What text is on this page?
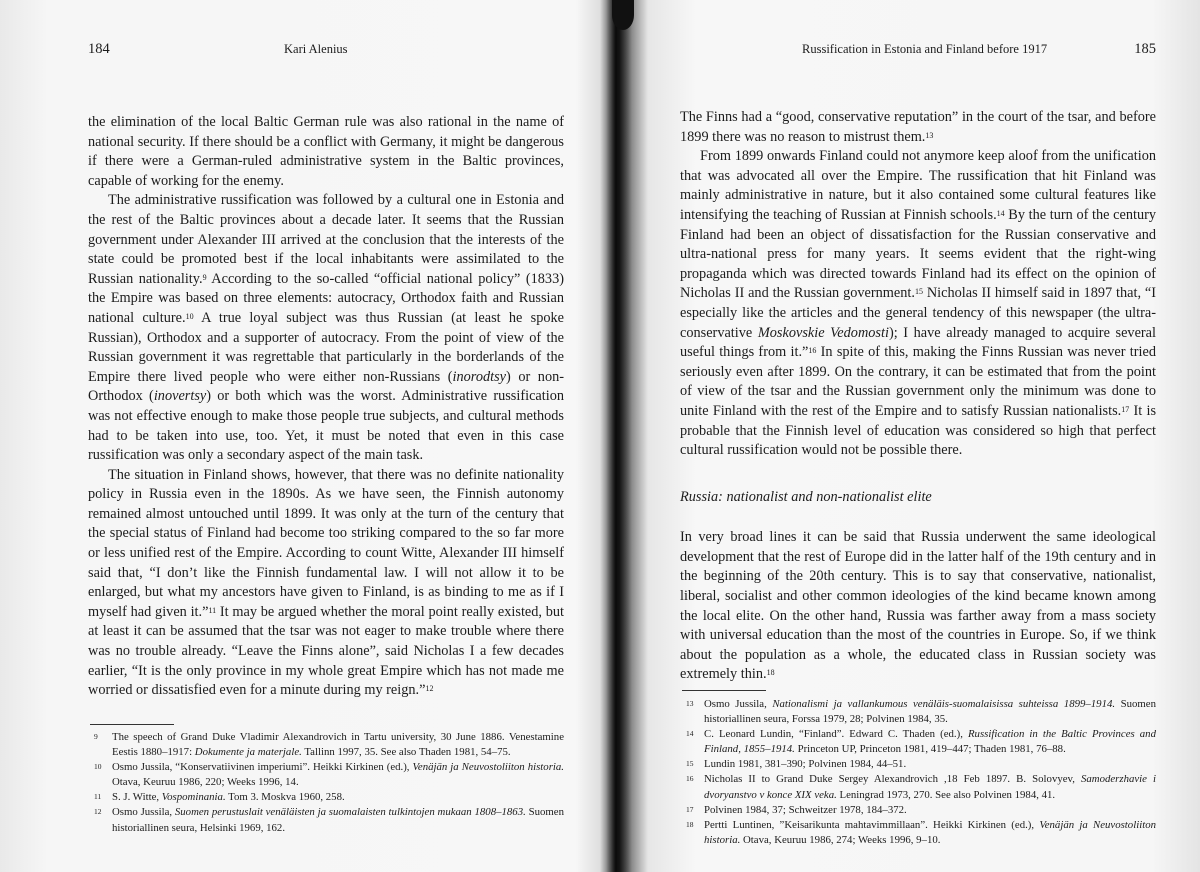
184	Kari Alenius

the elimination of the local Baltic German rule was also rational in the name of national security. If there should be a conflict with Germany, it might be dangerous if there were a German-ruled administrative system in the Baltic provinces, capable of working for the enemy.

The administrative russification was followed by a cultural one in Estonia and the rest of the Baltic provinces about a decade later. It seems that the Russian government under Alexander III arrived at the conclusion that the interests of the state could be promoted best if the local inhabitants were assimilated to the Russian nationality.$^9$ According to the so-called “official national policy” (1833) the Empire was based on three elements: autocracy, Orthodox faith and Russian national culture.$^{10}$ A true loyal subject was thus Russian (at least he spoke Russian), Orthodox and a supporter of autocracy. From the point of view of the Russian government it was regrettable that particularly in the borderlands of the Empire there lived people who were either non-Russians (inorodtsy) or non-Orthodox (inovertsy) or both which was the worst. Administrative russification was not effective enough to make those people true subjects, and cultural methods had to be taken into use, too. Yet, it must be noted that even in this case russification was only a secondary aspect of the main task.

The situation in Finland shows, however, that there was no definite nationality policy in Russia even in the 1890s. As we have seen, the Finnish autonomy remained almost untouched until 1899. It was only at the turn of the century that the special status of Finland had become too striking compared to the so far more or less unified rest of the Empire. According to count Witte, Alexander III himself said that, “I don’t like the Finnish fundamental law. I will not allow it to be enlarged, but what my ancestors have given to Finland, is as binding to me as if I myself had given it.”$^{11}$ It may be argued whether the moral point really existed, but at least it can be assumed that the tsar was not eager to make trouble where there was no trouble already. “Leave the Finns alone”, said Nicholas I a few decades earlier, “It is the only province in my whole great Empire which has not made me worried or dissatisfied even for a minute during my reign.”$^{12}$

9 The speech of Grand Duke Vladimir Alexandrovich in Tartu university, 30 June 1886. Venestamine Eestis 1880–1917: Dokumente ja materjale. Tallinn 1997, 35. See also Thaden 1981, 54–75.

10 Osmo Jussila, “Konservatiivinen imperiumi”. Heikki Kirkinen (ed.), Venäjän ja Neuvostoliiton historia. Otava, Keuruu 1986, 220; Weeks 1996, 14.

11 S. J. Witte, Vospominania. Tom 3. Moskva 1960, 258.

12 Osmo Jussila, Suomen perustuslait venäläisten ja suomalaisten tulkintojen mukaan 1808–1863. Suomen historiallinen seura, Helsinki 1969, 162.

Russification in Estonia and Finland before 1917	185

The Finns had a “good, conservative reputation” in the court of the tsar, and before 1899 there was no reason to mistrust them.$^{13}$

From 1899 onwards Finland could not anymore keep aloof from the unification that was advocated all over the Empire. The russification that hit Finland was mainly administrative in nature, but it also contained some cultural features like intensifying the teaching of Russian at Finnish schools.$^{14}$ By the turn of the century Finland had been an object of dissatisfaction for the Russian conservative and ultra-national press for many years. It seems evident that the right-wing propaganda which was directed towards Finland had its effect on the opinion of Nicholas II and the Russian government.$^{15}$ Nicholas II himself said in 1897 that, “I especially like the articles and the general tendency of this newspaper (the ultra-conservative Moskovskie Vedomosti); I have already managed to acquire several useful things from it.”$^{16}$ In spite of this, making the Finns Russian was never tried seriously even after 1899. On the contrary, it can be estimated that from the point of view of the tsar and the Russian government only the minimum was done to unite Finland with the rest of the Empire and to satisfy Russian nationalists.$^{17}$ It is probable that the Finnish level of education was considered so high that perfect cultural russification would not be possible there.

Russia: nationalist and non-nationalist elite

In very broad lines it can be said that Russia underwent the same ideological development that the rest of Europe did in the latter half of the 19th century and in the beginning of the 20th century. This is to say that conservative, nationalist, liberal, socialist and other common ideologies of the kind became known among the local elite. On the other hand, Russia was farther away from a mass society with universal education than the most of the countries in Europe. So, if we think about the population as a whole, the educated class in Russian society was extremely thin.$^{18}$

13 Osmo Jussila, Nationalismi ja vallankumous venäläis-suomalaisissa suhteissa 1899–1914. Suomen historiallinen seura, Forssa 1979, 28; Polvinen 1984, 35.

14 C. Leonard Lundin, “Finland”. Edward C. Thaden (ed.), Russification in the Baltic Provinces and Finland, 1855–1914. Princeton UP, Princeton 1981, 419–447; Thaden 1981, 76–88.

15 Lundin 1981, 381–390; Polvinen 1984, 44–51.

16 Nicholas II to Grand Duke Sergey Alexandrovich ,18 Feb 1897. B. Solovyev, Samoderzhavie i dvoryanstvo v konce XIX veka. Leningrad 1973, 270. See also Polvinen 1984, 41.

17 Polvinen 1984, 37; Schweitzer 1978, 184–372.

18 Pertti Luntinen, ”Keisarikunta mahtavimmillaan”. Heikki Kirkinen (ed.), Venäjän ja Neuvostoliiton historia. Otava, Keuruu 1986, 274; Weeks 1996, 9–10.
